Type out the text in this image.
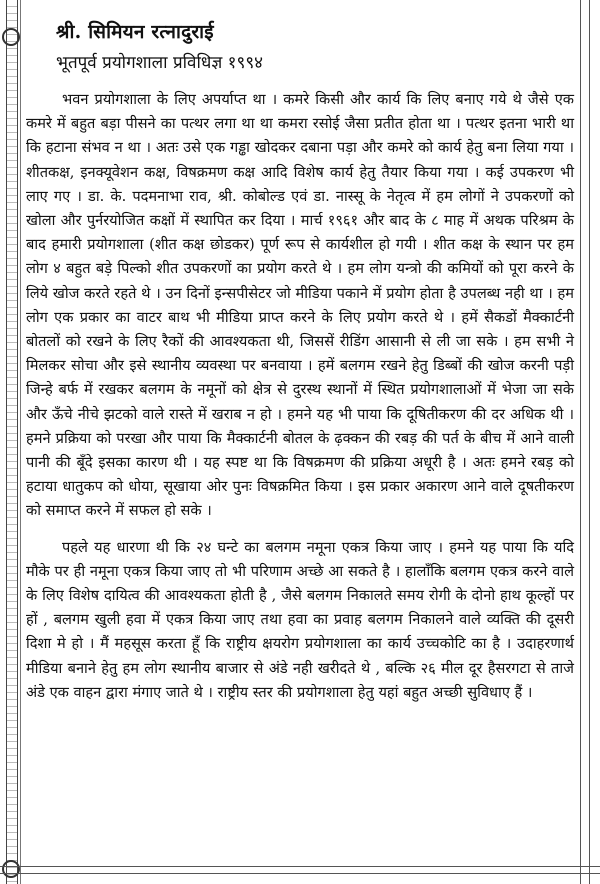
श्री. सिमियन रत्नादुराई
भूतपूर्व प्रयोगशाला प्रविधिज्ञ १९९४

भवन प्रयोगशाला के लिए अपर्याप्त था । कमरे किसी और कार्य कि लिए बनाए गये थे जैसे एक कमरे में बहुत बड़ा पीसने का पत्थर लगा था था कमरा रसोई जैसा प्रतीत होता था । पत्थर इतना भारी था कि हटाना संभव न था । अतः उसे एक गड्ढा खोदकर दबाना पड़ा और कमरे को कार्य हेतु बना लिया गया । शीतकक्ष, इनक्यूवेशन कक्ष, विषक्रमण कक्ष आदि विशेष कार्य हेतु तैयार किया गया । कई उपकरण भी लाए गए । डा. के. पदमनाभा राव, श्री. कोबोल्ड एवं डा. नास्सू के नेतृत्व में हम लोगों ने उपकरणों को खोला और पुर्नरयोजित कक्षों में स्थापित कर दिया । मार्च १९६१ और बाद के ८ माह में अथक परिश्रम के बाद हमारी प्रयोगशाला (शीत कक्ष छोडकर) पूर्ण रूप से कार्यशील हो गयी । शीत कक्ष के स्थान पर हम लोग ४ बहुत बड़े पिल्को शीत उपकरणों का प्रयोग करते थे । हम लोग यन्त्रो की कमियों को पूरा करने के लिये खोज करते रहते थे । उन दिनों इन्सपीसेटर जो मीडिया पकाने में प्रयोग होता है उपलब्ध नही था । हम लोग एक प्रकार का वाटर बाथ भी मीडिया प्राप्त करने के लिए प्रयोग करते थे । हमें सैकडों मैक्कार्टनी बोतलों को रखने के लिए रैकों की आवश्यकता थी, जिससें रीडिंग आसानी से ली जा सके । हम सभी ने मिलकर सोचा और इसे स्थानीय व्यवस्था पर बनवाया । हमें बलगम रखने हेतु डिब्बों की खोज करनी पड़ी जिन्हे बर्फ में रखकर बलगम के नमूनों को क्षेत्र से दुरस्थ स्थानों में स्थित प्रयोगशालाओं में भेजा जा सके और ऊँचे नीचे झटको वाले रास्ते में खराब न हो । हमने यह भी पाया कि दूषितीकरण की दर अधिक थी । हमने प्रक्रिया को परखा और पाया कि मैक्कार्टनी बोतल के ढ़क्कन की रबड़ की पर्त के बीच में आने वाली पानी की बूँदे इसका कारण थी । यह स्पष्ट था कि विषक्रमण की प्रक्रिया अधूरी है । अतः हमने रबड़ को हटाया धातुकप को धोया, सूखाया ओर पुनः विषक्रमित किया । इस प्रकार अकारण आने वाले दूषतीकरण को समाप्त करने में सफल हो सके ।

पहले यह धारणा थी कि २४ घन्टे का बलगम नमूना एकत्र किया जाए । हमने यह पाया कि यदि मौके पर ही नमूना एकत्र किया जाए तो भी परिणाम अच्छे आ सकते है । हालाँकि बलगम एकत्र करने वाले के लिए विशेष दायित्व की आवश्यकता होती है , जैसे बलगम निकालते समय रोगी के दोनो हाथ कूल्हों पर हों , बलगम खुली हवा में एकत्र किया जाए तथा हवा का प्रवाह बलगम निकालने वाले व्यक्ति की दूसरी दिशा मे हो । मैं महसूस करता हूँ कि राष्ट्रीय क्षयरोग प्रयोगशाला का कार्य उच्चकोटि का है । उदाहरणार्थ मीडिया बनाने हेतु हम लोग स्थानीय बाजार से अंडे नही खरीदते थे , बल्कि २६ मील दूर हैसरगटा से ताजे अंडे एक वाहन द्वारा मंगाए जाते थे । राष्ट्रीय स्तर की प्रयोगशाला हेतु यहां बहुत अच्छी सुविधाए हैं ।
